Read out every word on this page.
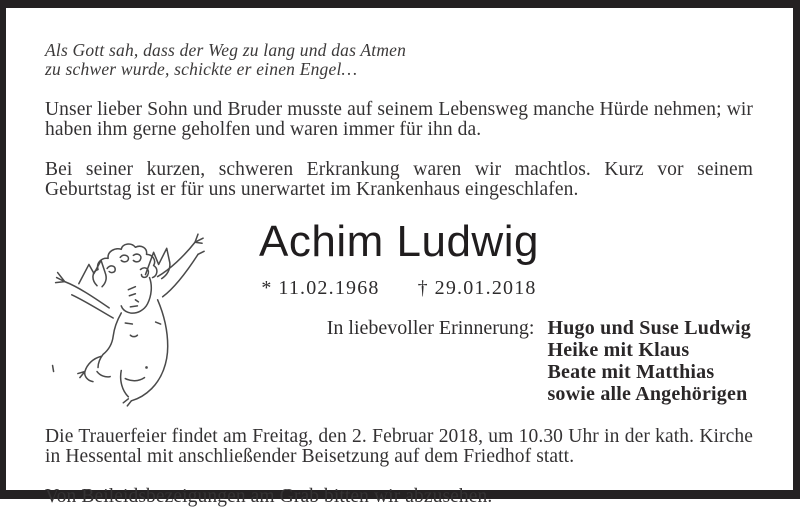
Als Gott sah, dass der Weg zu lang und das Atmen
zu schwer wurde, schickte er einen Engel…

Unser lieber Sohn und Bruder musste auf seinem Lebensweg manche Hürde nehmen; wir haben ihm gerne geholfen und waren immer für ihn da.

Bei seiner kurzen, schweren Erkrankung waren wir machtlos. Kurz vor seinem Geburtstag ist er für uns unerwartet im Krankenhaus eingeschlafen.

Achim Ludwig
* 11.02.1968 † 29.01.2018
In liebevoller Erinnerung: Hugo und Suse Ludwig
Heike mit Klaus
Beate mit Matthias
sowie alle Angehörigen

Die Trauerfeier findet am Freitag, den 2. Februar 2018, um 10.30 Uhr in der kath. Kirche in Hessental mit anschließender Beisetzung auf dem Friedhof statt.

Von Beileidsbezeigungen am Grab bitten wir abzusehen.
